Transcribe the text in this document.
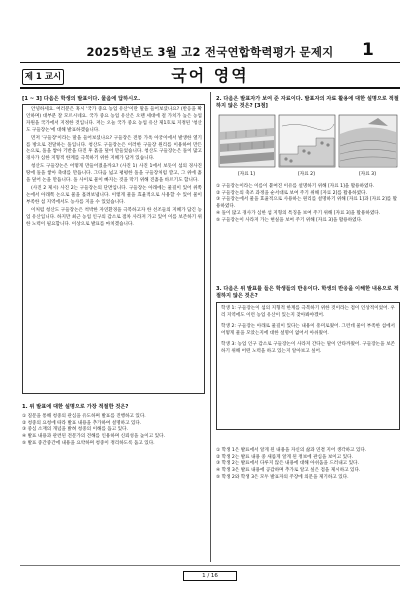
2025학년도 3월 고2 전국연합학력평가 문제지	1
국어 영역
제 1 교시
[1 ~ 3] 다음은 학생의 발표이다. 물음에 답하시오.

안녕하세요. 여러분은 혹시 '국가 중요 농업 유산'이란 말을 들어보셨나요? (반응을 확인하며) 대부분 잘 모르시네요. 국가 중요 농업 유산은 오랜 세대에 걸 가치가 높은 농업 자원을 국가에서 지정한 것입니다. 저는 오늘 국가 중요 농업 유산 제1호로 지정된 '청산도 구들장논'에 대해 발표하겠습니다.

먼저 '구들장'이라는 말을 들어보셨나요? 구들장은 전통 가옥 아궁이에서 발생한 열기를 방으로 전달하는 돌입니다. 청산도 구들장논은 이러한 구들장 원리를 이용하여 만든 논으로, 돌을 쌓아 기반을 다진 후 흙을 덮어 만들었습니다. 청산도 구들장논은 돌이 많고 경사가 심한 지형적 한계를 극복하기 위한 지혜가 담겨 있습니다.

청산도 구들장논은 어떻게 만들어졌을까요? (사진 1) 사진 1에서 보듯이 섬의 경사진 땅에 돌을 쌓아 축대를 만듭니다. 그다음 넓고 평평한 돌을 구들장처럼 깔고, 그 위에 흙을 덮어 논을 만듭니다. 돌 사이로 물이 빠지는 것을 막기 위해 진흙을 바르기도 합니다.

(사진 2 제시) 사진 2는 구들장논의 단면입니다. 구들장논 아래에는 물길이 있어 위쪽 논에서 아래쪽 논으로 물을 흘려보냅니다. 이렇게 물을 효율적으로 사용할 수 있어 물이 부족한 섬 지역에서도 농사를 지을 수 있었습니다.

이처럼 청산도 구들장논은 척박한 자연환경을 극복하고자 한 선조들의 지혜가 담긴 농업 유산입니다. 하지만 최근 농업 인구의 감소로 점차 사라져 가고 있어 이를 보존하기 위한 노력이 필요합니다. 이상으로 발표를 마치겠습니다.

1. 위 발표에 대한 설명으로 가장 적절한 것은?
① 질문을 통해 청중의 관심을 유도하며 발표를 진행하고 있다.
② 청중의 요청에 따라 발표 내용을 추가하여 설명하고 있다.
③ 중심 소재의 개념을 밝혀 청중의 이해를 돕고 있다.
④ 발표 내용과 관련된 전문가의 견해를 인용하며 신뢰성을 높이고 있다.
⑤ 발표 중간중간에 내용을 요약하며 청중이 정리하도록 돕고 있다.
2. 다음은 발표자가 보여 준 자료이다. 발표자의 자료 활용에 대한 설명으로 적절하지 않은 것은? [3점]
[자료 1]	[자료 2]	[자료 3]
① 구들장논이라는 이름이 붙여진 이유를 설명하기 위해 [자료 1]을 활용하였다.
② 구들장논의 축조 과정을 순서대로 보여 주기 위해 [자료 2]를 활용하였다.
③ 구들장논에서 물을 효율적으로 사용하는 원리를 설명하기 위해 [자료 1]과 [자료 2]를 활용하였다.
④ 돌이 많고 경사가 심한 섬 지형의 특징을 보여 주기 위해 [자료 3]을 활용하였다.
⑤ 구들장논이 사라져 가는 현실을 보여 주기 위해 [자료 3]을 활용하였다.
3. 다음은 위 발표를 들은 학생들의 반응이다. 학생의 반응을 이해한 내용으로 적절하지 않은 것은?

학생 1: 구들장논이 섬의 지형적 한계를 극복하기 위한 것이라는 점이 인상적이었어. 우리 지역에도 이런 농업 유산이 있는지 찾아봐야겠어.

학생 2: 구들장논 아래로 물길이 있다는 내용이 흥미로웠어. 그런데 물이 부족한 섬에서 어떻게 물을 모았는지에 대한 설명이 없어서 아쉬웠어.

학생 3: 농업 인구 감소로 구들장논이 사라져 간다는 말이 안타까웠어. 구들장논을 보존하기 위해 어떤 노력을 하고 있는지 알아보고 싶어.

① 학생 1은 발표에서 알게 된 내용을 자신의 삶과 연결 지어 생각하고 있다.
② 학생 2는 발표 내용 중 새롭게 알게 된 정보에 관심을 보이고 있다.
③ 학생 2는 발표에서 다루지 않은 내용에 대해 아쉬움을 드러내고 있다.
④ 학생 3은 발표 내용에 공감하며 추가로 알고 싶은 점을 제시하고 있다.
⑤ 학생 2와 학생 3은 모두 발표자의 주장에 의문을 제기하고 있다.
1 / 16
